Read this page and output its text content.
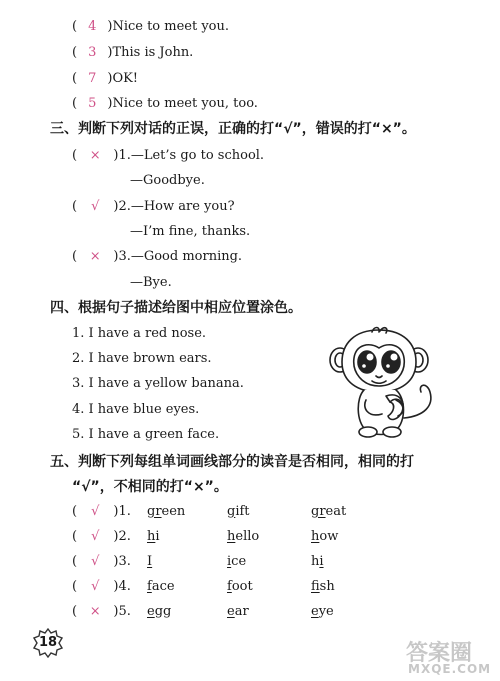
( 4 )Nice to meet you.
( 3 )This is John.
( 7 )OK!
( 5 )Nice to meet you, too.
三、判断下列对话的正误，正确的打“√”，错误的打“×”。
( × )1.—Let’s go to school.
—Goodbye.
( √ )2.—How are you?
—I’m fine, thanks.
( × )3.—Good morning.
—Bye.
四、根据句子描述给图中相应位置涂色。
1. I have a red nose.
2. I have brown ears.
3. I have a yellow banana.
4. I have blue eyes.
5. I have a green face.
五、判断下列每组单词画线部分的读音是否相同，相同的打
“√”，不相同的打“×”。
( √ )1. green	gift	great
( √ )2. hi	hello	how
( √ )3. I	ice	hi
( √ )4. face	foot	fish
( × )5. egg	ear	eye
18	答案圈
MXQE.COM
